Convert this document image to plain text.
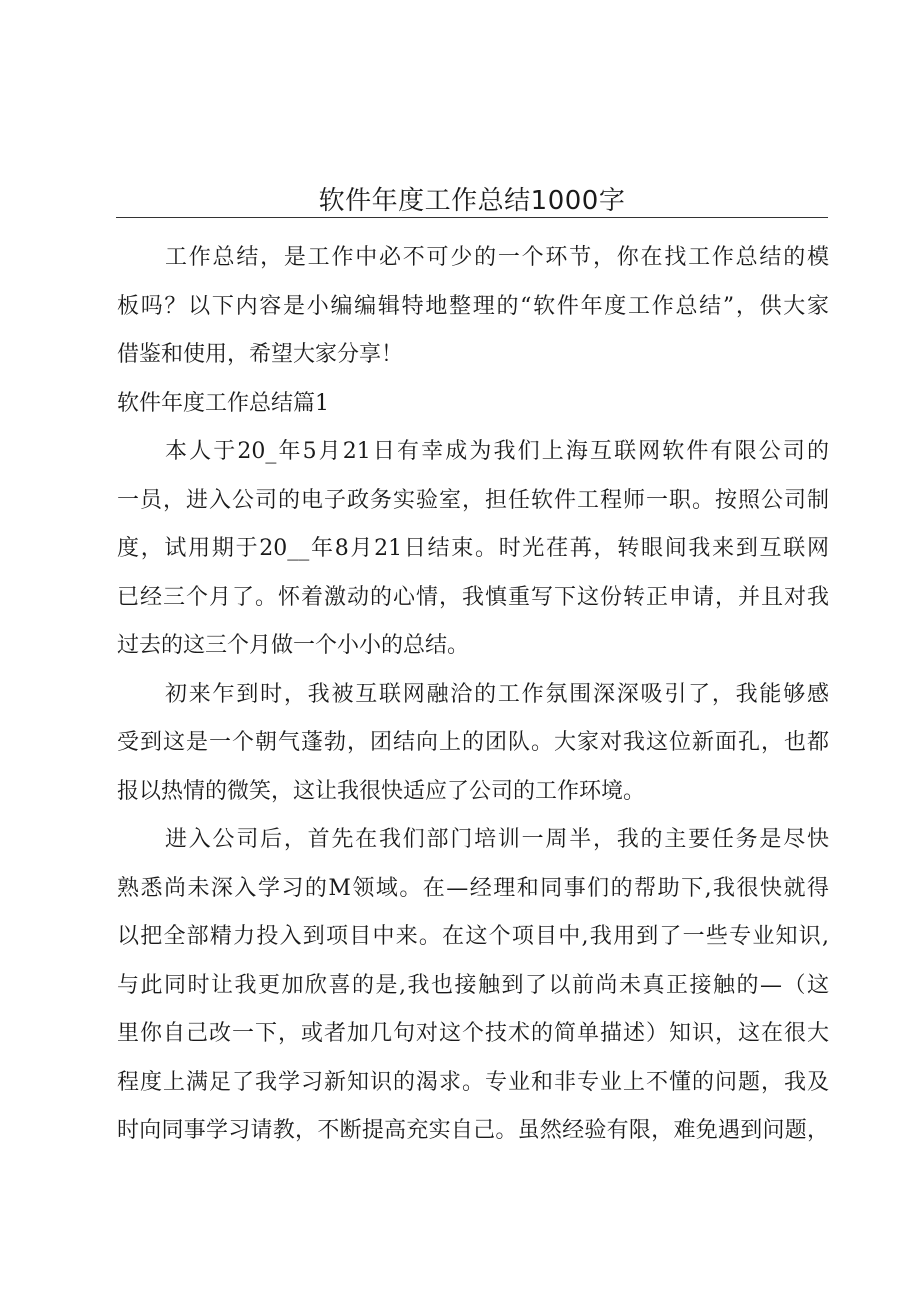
软件年度工作总结1000字
工作总结，是工作中必不可少的一个环节，你在找工作总结的模
板吗？以下内容是小编编辑特地整理的“软件年度工作总结”，供大家
借鉴和使用，希望大家分享！
软件年度工作总结篇1
本人于20_年5月21日有幸成为我们上海互联网软件有限公司的
一员，进入公司的电子政务实验室，担任软件工程师一职。按照公司制
度，试用期于20__年8月21日结束。时光荏苒，转眼间我来到互联网
已经三个月了。怀着激动的心情，我慎重写下这份转正申请，并且对我
过去的这三个月做一个小小的总结。
初来乍到时，我被互联网融洽的工作氛围深深吸引了，我能够感
受到这是一个朝气蓬勃，团结向上的团队。大家对我这位新面孔，也都
报以热情的微笑，这让我很快适应了公司的工作环境。
进入公司后，首先在我们部门培训一周半，我的主要任务是尽快
熟悉尚未深入学习的M领域。在—经理和同事们的帮助下,我很快就得
以把全部精力投入到项目中来。在这个项目中,我用到了一些专业知识,
与此同时让我更加欣喜的是,我也接触到了以前尚未真正接触的—（这
里你自己改一下，或者加几句对这个技术的简单描述）知识，这在很大
程度上满足了我学习新知识的渴求。专业和非专业上不懂的问题，我及
时向同事学习请教，不断提高充实自己。虽然经验有限，难免遇到问题，
